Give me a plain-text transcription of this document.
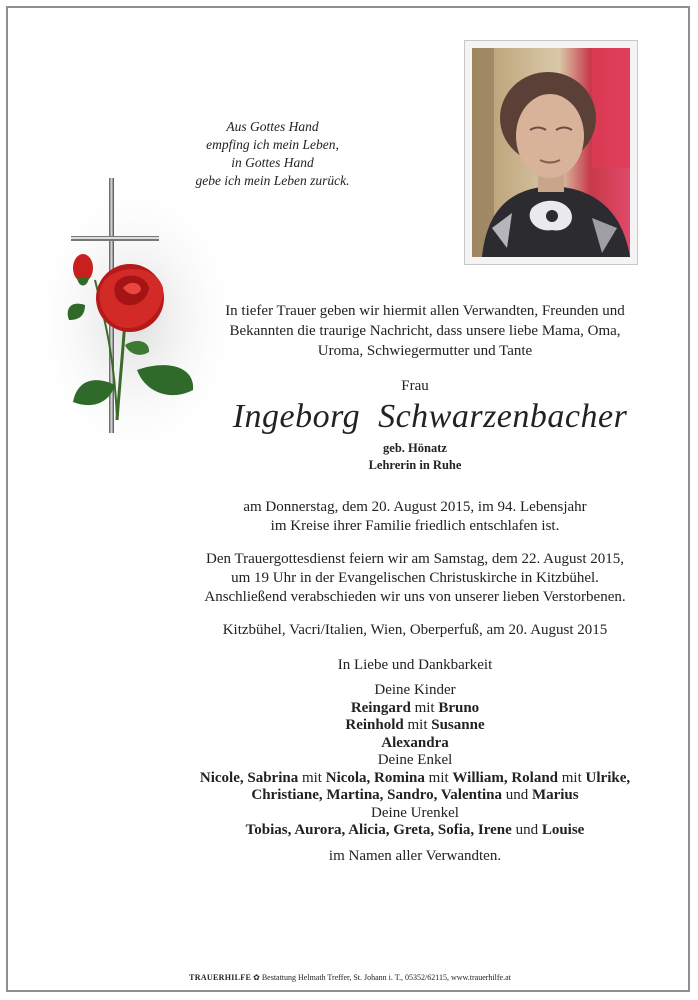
Aus Gottes Hand
empfing ich mein Leben,
in Gottes Hand
gebe ich mein Leben zurück.
In tiefer Trauer geben wir hiermit allen Verwandten, Freunden und
Bekannten die traurige Nachricht, dass unsere liebe Mama, Oma,
Uroma, Schwiegermutter und Tante
Frau
Ingeborg Schwarzenbacher
geb. Hönatz
Lehrerin in Ruhe
am Donnerstag, dem 20. August 2015, im 94. Lebensjahr
im Kreise ihrer Familie friedlich entschlafen ist.
Den Trauergottesdienst feiern wir am Samstag, dem 22. August 2015,
um 19 Uhr in der Evangelischen Christuskirche in Kitzbühel.
Anschließend verabschieden wir uns von unserer lieben Verstorbenen.
Kitzbühel, Vacri/Italien, Wien, Oberperfuß, am 20. August 2015
In Liebe und Dankbarkeit
Deine Kinder
Reingard mit Bruno
Reinhold mit Susanne
Alexandra
Deine Enkel
Nicole, Sabrina mit Nicola, Romina mit William, Roland mit Ulrike,
Christiane, Martina, Sandro, Valentina und Marius
Deine Urenkel
Tobias, Aurora, Alicia, Greta, Sofia, Irene und Louise
im Namen aller Verwandten.
TRAUERHILFE ✿ Bestattung Helmath Treffer, St. Johann i. T., 05352/62115, www.trauerhilfe.at
